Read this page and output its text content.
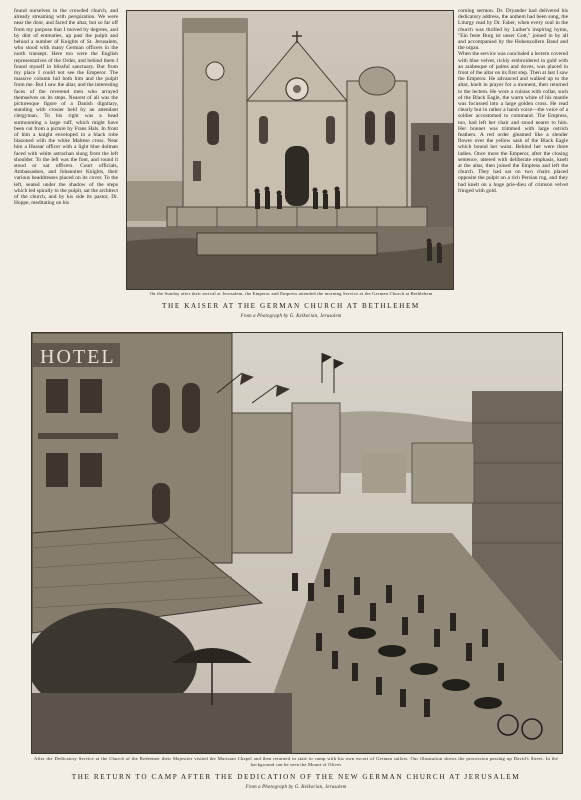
found ourselves in the crowded church, and already streaming with perspiration. We were near the door, and faced the altar, but so far off from my purpose that I moved by degrees, and by dint of entreaties, up past the pulpit and behind a number of Knights of St. Jerusalem, who stood with many German officers in the north transept. Here too were the English representatives of the Order, and behind them I found myself in blissful sanctuary. But from my place I could not see the Emperor. The massive column hid both him and the pulpit from me. But I saw the altar, and the interesting faces of the reverend men who arrayed themselves on its steps. Nearest of all was the picturesque figure of a Danish dignitary, standing with crosier held by an attendant clergyman. To his right was a head surmounting a large ruff, which might have been cut from a picture by Frans Hals. In front of him a knight enveloped in a black robe blazoned with the white Maltese cross. Near him a Hussar officer with a light blue dolman faced with white astrachan slung from the left shoulder. To the left was the font, and round it stood or sat officers. Court officials, Ambassadors, and Johanniter Knights, their various headdresses placed on its cover. To the left, seated under the shadow of the steps which led spirally to the pulpit, sat the architect of the church, and by his side its pastor, Dr. Hoppe, meditating on his
coming sermon. Dr. Dryander had delivered his dedicatory address, the anthem had been sung, the Liturgy read by Dr. Faber, when every soul in the church was thrilled by Luther's inspiring hymn, "Ein feste Burg ist unser Gott," joined in by all and accompanied by the Hohenzollern Band and the organ.
When the service was concluded a lectern covered with blue velvet, richly embroidered in gold with an arabesque of palms and doves, was placed in front of the altar on its first step. Then at last I saw the Emperor. He advanced and walked up to the altar, knelt in prayer for a moment, then returned to the lectern. He wore a cuirass with collar, such of the Black Eagle, the warm white of his mantle was focussed into a large golden cross. He read clearly but in rather a harsh voice—the voice of a soldier accustomed to command. The Empress, too, had left her chair and stood nearer to him. Her bonnet was trimmed with large ostrich feathers. A red order gleamed like a slender flower over the yellow sash of the Black Eagle which bound her waist. Behind her were three ladies. Once more the Emperor, after the closing sentence, uttered with deliberate emphasis, knelt at the altar, then joined the Empress and left the church. They had sat on two chairs placed opposite the pulpit on a rich Persian rug, and they had knelt on a huge prie-dieu of crimson velvet fringed with gold.
On the Sunday after their arrival at Jerusalem, the Emperor and Empress attended the morning Service at the German Church at Bethlehem
THE KAISER AT THE GERMAN CHURCH AT BETHLEHEM
From a Photograph by G. Kelkorian, Jerusalem
HOTEL
After the Dedicatory Service at the Church of the Redeemer their Majesties visited the Muristan Chapel and then returned in state to camp with his own escort of German sailors. Our illustration shows the procession passing up David's Street. In the background can be seen the Mount of Olives
THE RETURN TO CAMP AFTER THE DEDICATION OF THE NEW GERMAN CHURCH AT JERUSALEM
From a Photograph by G. Kelkorian, Jerusalem
